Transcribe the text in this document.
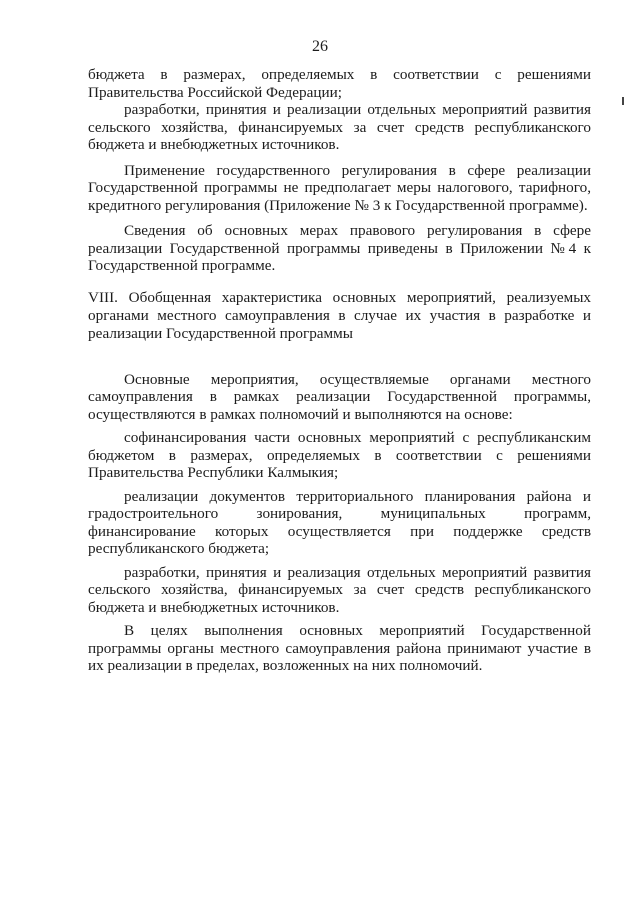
26

бюджета в размерах, определяемых в соответствии с решениями Правительства Российской Федерации;

разработки, принятия и реализации отдельных мероприятий развития сельского хозяйства, финансируемых за счет средств республиканского бюджета и внебюджетных источников.

Применение государственного регулирования в сфере реализации Государственной программы не предполагает меры налогового, тарифного, кредитного регулирования (Приложение № 3 к Государственной программе).

Сведения об основных мерах правового регулирования в сфере реализации Государственной программы приведены в Приложении №4 к Государственной программе.

VIII. Обобщенная характеристика основных мероприятий, реализуемых органами местного самоуправления в случае их участия в разработке и реализации Государственной программы

Основные мероприятия, осуществляемые органами местного самоуправления в рамках реализации Государственной программы, осуществляются в рамках полномочий и выполняются на основе:

софинансирования части основных мероприятий с республиканским бюджетом в размерах, определяемых в соответствии с решениями Правительства Республики Калмыкия;

реализации документов территориального планирования района и градостроительного зонирования, муниципальных программ, финансирование которых осуществляется при поддержке средств республиканского бюджета;

разработки, принятия и реализация отдельных мероприятий развития сельского хозяйства, финансируемых за счет средств республиканского бюджета и внебюджетных источников.

В целях выполнения основных мероприятий Государственной программы органы местного самоуправления района принимают участие в их реализации в пределах, возложенных на них полномочий.
